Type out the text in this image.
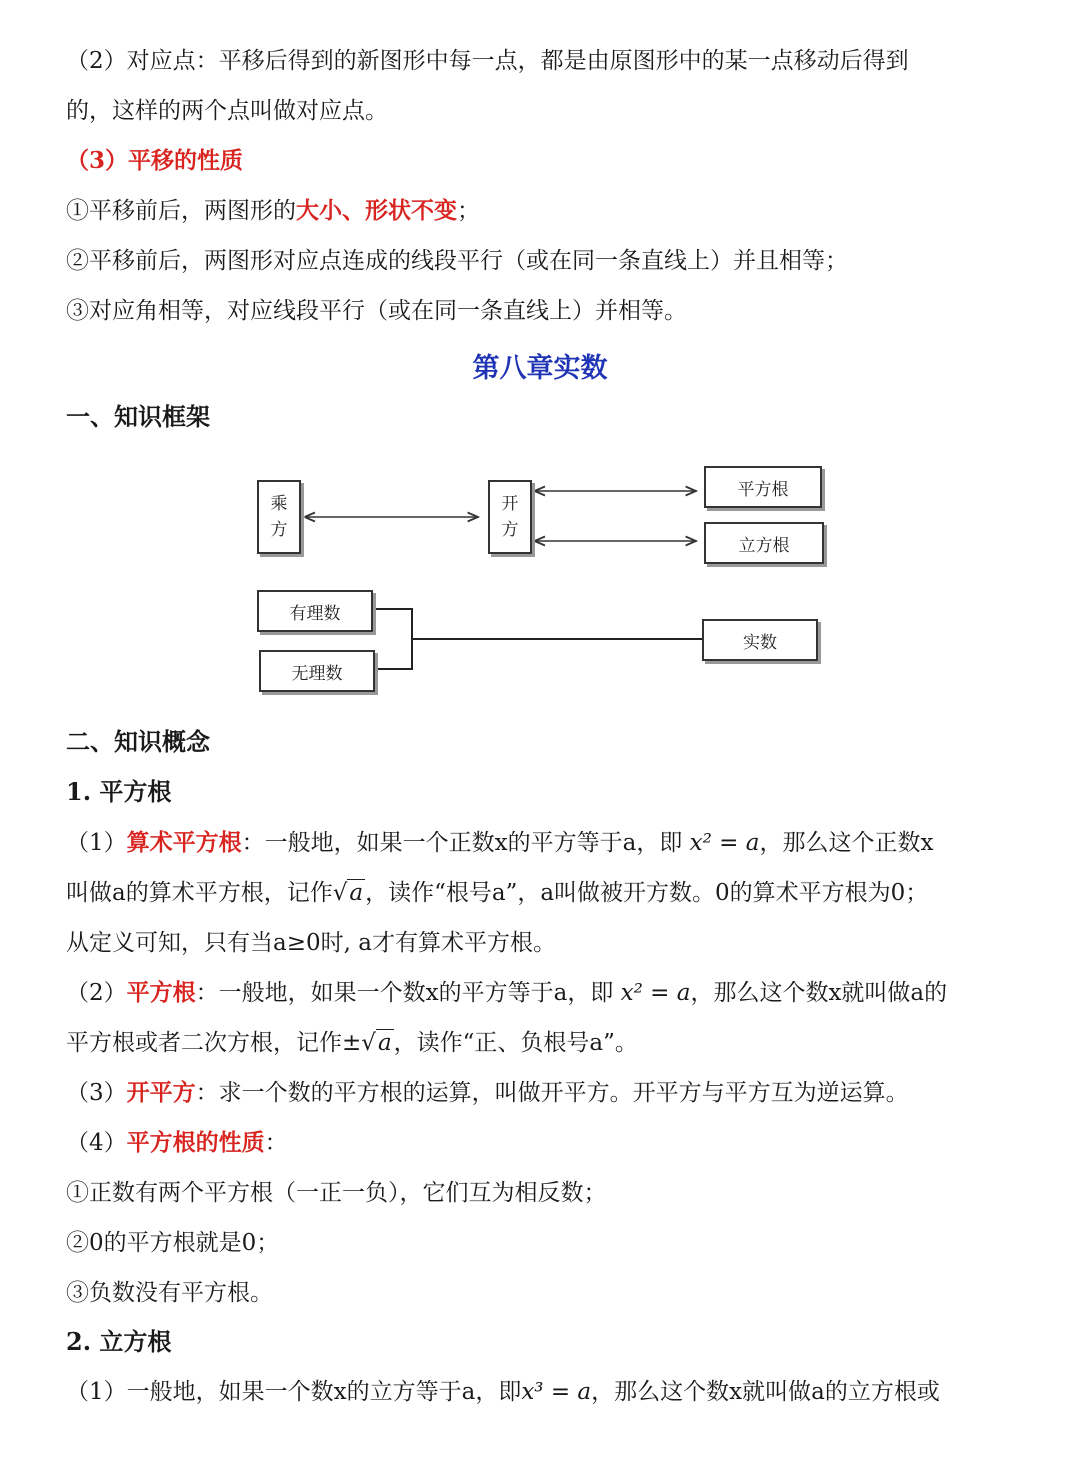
（2）对应点：平移后得到的新图形中每一点，都是由原图形中的某一点移动后得到
的，这样的两个点叫做对应点。
（3）平移的性质
①平移前后，两图形的大小、形状不变；
②平移前后，两图形对应点连成的线段平行（或在同一条直线上）并且相等；
③对应角相等，对应线段平行（或在同一条直线上）并相等。
第八章实数
一、知识框架
乘
方
开
方
平方根
立方根
有理数
无理数
实数
二、知识概念
1. 平方根
（1）算术平方根：一般地，如果一个正数x的平方等于a，即 x² = a，那么这个正数x
叫做a的算术平方根，记作√a，读作“根号a”，a叫做被开方数。0的算术平方根为0；
从定义可知，只有当a≥0时, a才有算术平方根。
（2）平方根：一般地，如果一个数x的平方等于a，即 x² = a，那么这个数x就叫做a的
平方根或者二次方根，记作±√a，读作“正、负根号a”。
（3）开平方：求一个数的平方根的运算，叫做开平方。开平方与平方互为逆运算。
（4）平方根的性质：
①正数有两个平方根（一正一负），它们互为相反数；
②0的平方根就是0；
③负数没有平方根。
2. 立方根
（1）一般地，如果一个数x的立方等于a，即x³ = a，那么这个数x就叫做a的立方根或
